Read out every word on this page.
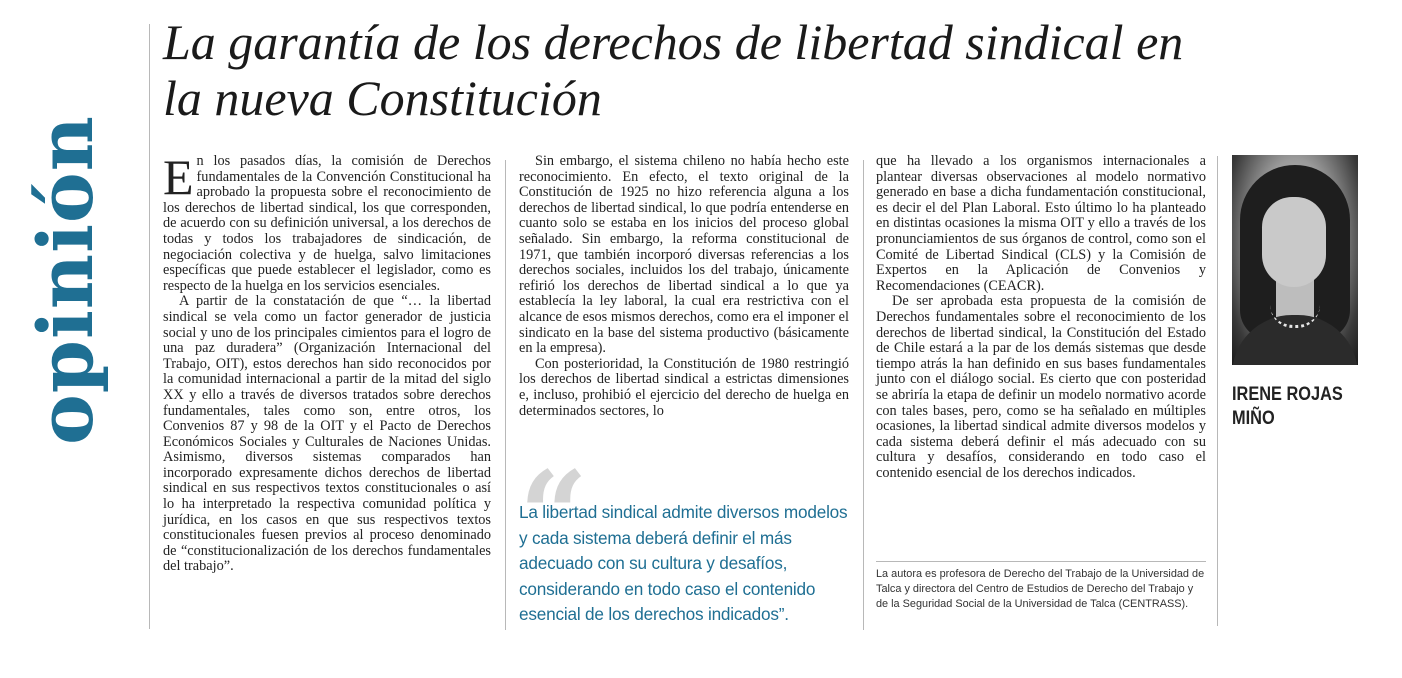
opinión
La garantía de los derechos de libertad sindical en la nueva Constitución

En los pasados días, la comisión de Derechos fundamentales de la Convención Constitucional ha aprobado la propuesta sobre el reconocimiento de los derechos de libertad sindical, los que corresponden, de acuerdo con su definición universal, a los derechos de todas y todos los trabajadores de sindicación, de negociación colectiva y de huelga, salvo limitaciones específicas que puede establecer el legislador, como es respecto de la huelga en los servicios esenciales.

A partir de la constatación de que “… la libertad sindical se vela como un factor generador de justicia social y uno de los principales cimientos para el logro de una paz duradera” (Organización Internacional del Trabajo, OIT), estos derechos han sido reconocidos por la comunidad internacional a partir de la mitad del siglo XX y ello a través de diversos tratados sobre derechos fundamentales, tales como son, entre otros, los Convenios 87 y 98 de la OIT y el Pacto de Derechos Económicos Sociales y Culturales de Naciones Unidas. Asimismo, diversos sistemas comparados han incorporado expresamente dichos derechos de libertad sindical en sus respectivos textos constitucionales o así lo ha interpretado la respectiva comunidad política y jurídica, en los casos en que sus respectivos textos constitucionales fuesen previos al proceso denominado de “constitucionalización de los derechos fundamentales del trabajo”.

Sin embargo, el sistema chileno no había hecho este reconocimiento. En efecto, el texto original de la Constitución de 1925 no hizo referencia alguna a los derechos de libertad sindical, lo que podría entenderse en cuanto solo se estaba en los inicios del proceso global señalado. Sin embargo, la reforma constitucional de 1971, que también incorporó diversas referencias a los derechos sociales, incluidos los del trabajo, únicamente refirió los derechos de libertad sindical a lo que ya establecía la ley laboral, la cual era restrictiva con el alcance de esos mismos derechos, como era el imponer el sindicato en la base del sistema productivo (básicamente en la empresa).

Con posterioridad, la Constitución de 1980 restringió los derechos de libertad sindical a estrictas dimensiones e, incluso, prohibió el ejercicio del derecho de huelga en determinados sectores, lo

“
La libertad sindical admite diversos modelos y cada sistema deberá definir el más adecuado con su cultura y desafíos, considerando en todo caso el contenido esencial de los derechos indicados”.

que ha llevado a los organismos internacionales a plantear diversas observaciones al modelo normativo generado en base a dicha fundamentación constitucional, es decir el del Plan Laboral. Esto último lo ha planteado en distintas ocasiones la misma OIT y ello a través de los pronunciamientos de sus órganos de control, como son el Comité de Libertad Sindical (CLS) y la Comisión de Expertos en la Aplicación de Convenios y Recomendaciones (CEACR).

De ser aprobada esta propuesta de la comisión de Derechos fundamentales sobre el reconocimiento de los derechos de libertad sindical, la Constitución del Estado de Chile estará a la par de los demás sistemas que desde tiempo atrás la han definido en sus bases fundamentales junto con el diálogo social. Es cierto que con posteridad se abriría la etapa de definir un modelo normativo acorde con tales bases, pero, como se ha señalado en múltiples ocasiones, la libertad sindical admite diversos modelos y cada sistema deberá definir el más adecuado con su cultura y desafíos, considerando en todo caso el contenido esencial de los derechos indicados.

La autora es profesora de Derecho del Trabajo de la Universidad de Talca y directora del Centro de Estudios de Derecho del Trabajo y de la Seguridad Social de la Universidad de Talca (CENTRASS).
IRENE ROJAS MIÑO
